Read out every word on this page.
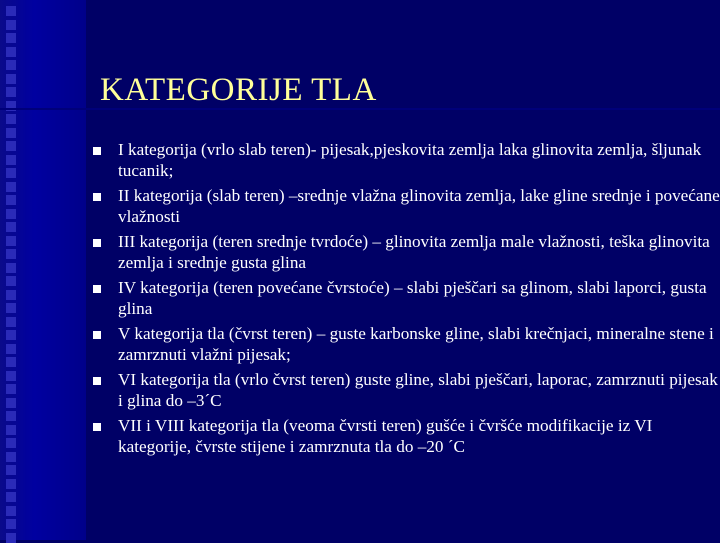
KATEGORIJE TLA
I kategorija (vrlo slab teren)- pijesak,pjeskovita zemlja laka glinovita zemlja, šljunak tucanik;
II kategorija (slab teren) –srednje vlažna glinovita zemlja, lake gline srednje i povećane vlažnosti
III kategorija (teren srednje tvrdoće) – glinovita zemlja male vlažnosti, teška glinovita zemlja i srednje gusta glina
IV kategorija (teren povećane čvrstoće) – slabi pješčari sa glinom, slabi laporci, gusta glina
V kategorija tla (čvrst teren) – guste karbonske gline, slabi krečnjaci, mineralne stene i zamrznuti vlažni pijesak;
VI kategorija tla (vrlo čvrst teren) guste gline, slabi pješčari, laporac, zamrznuti pijesak i glina do –3´C
VII i VIII kategorija tla (veoma čvrsti teren) gušće i čvršće modifikacije iz VI kategorije, čvrste stijene i zamrznuta tla do –20 ´C
